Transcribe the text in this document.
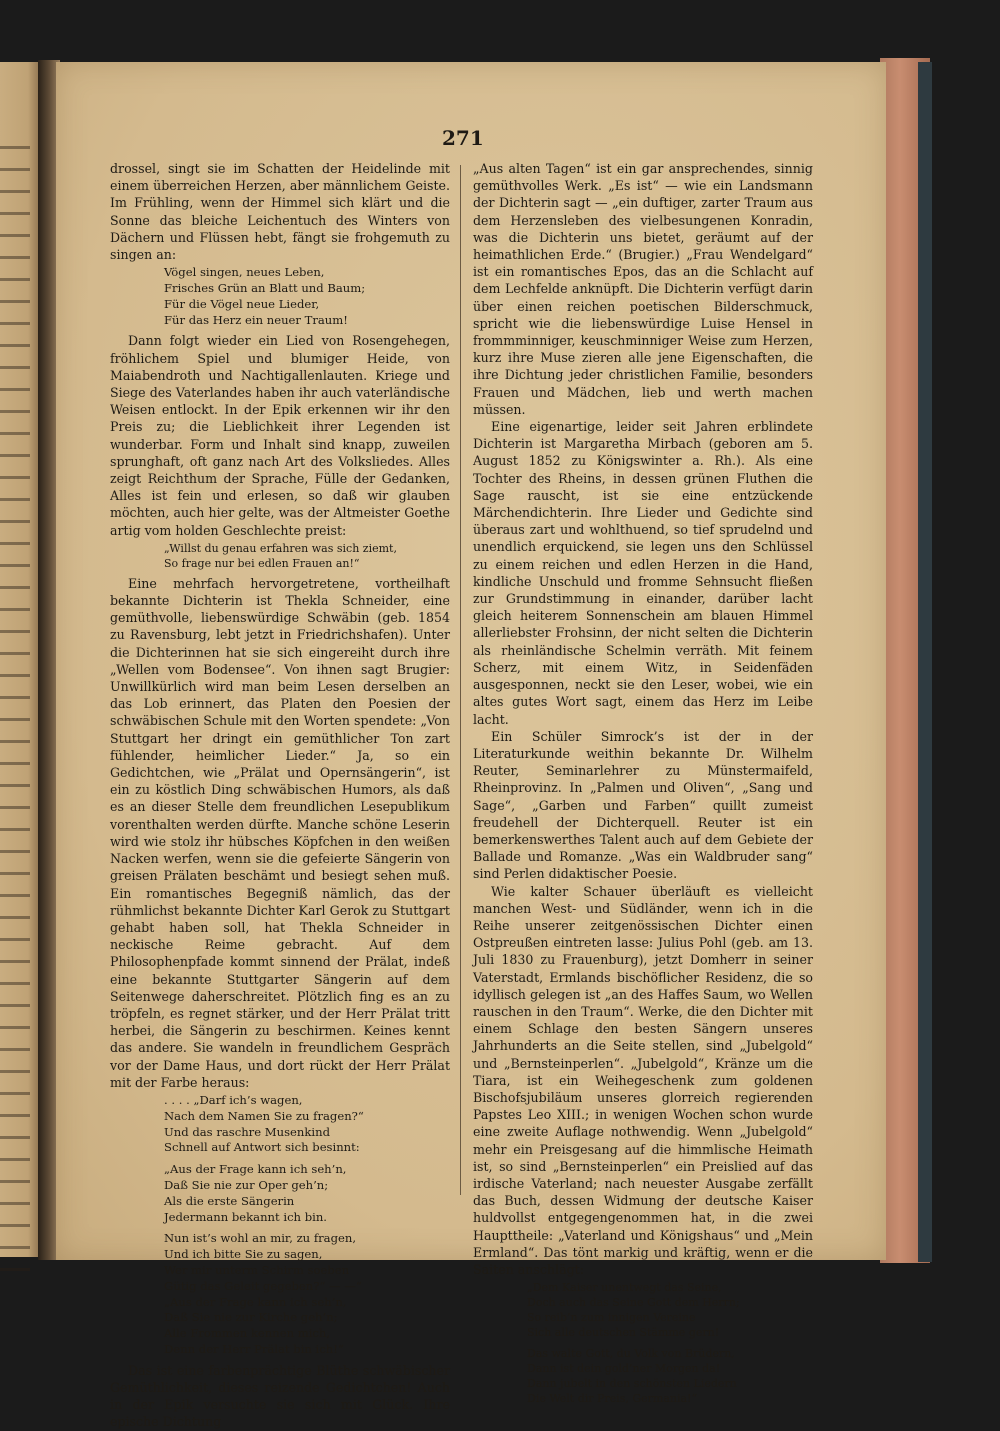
271

drossel, singt sie im Schatten der Heidelinde mit einem überreichen Herzen, aber männlichem Geiste. Im Frühling, wenn der Himmel sich klärt und die Sonne das bleiche Leichentuch des Winters von Dächern und Flüssen hebt, fängt sie frohgemuth zu singen an:

Vögel singen, neues Leben,
Frisches Grün an Blatt und Baum;
Für die Vögel neue Lieder,
Für das Herz ein neuer Traum!

Dann folgt wieder ein Lied von Rosengehegen, fröhlichem Spiel und blumiger Heide, von Maiabendroth und Nachtigallenlauten. Kriege und Siege des Vaterlandes haben ihr auch vaterländische Weisen entlockt. In der Epik erkennen wir ihr den Preis zu; die Lieblichkeit ihrer Legenden ist wunderbar. Form und Inhalt sind knapp, zuweilen sprunghaft, oft ganz nach Art des Volksliedes. Alles zeigt Reichthum der Sprache, Fülle der Gedanken, Alles ist fein und erlesen, so daß wir glauben möchten, auch hier gelte, was der Altmeister Goethe artig vom holden Geschlechte preist:

„Willst du genau erfahren was sich ziemt,
So frage nur bei edlen Frauen an!“

Eine mehrfach hervorgetretene, vortheilhaft bekannte Dichterin ist Thekla Schneider, eine gemüthvolle, liebenswürdige Schwäbin (geb. 1854 zu Ravensburg, lebt jetzt in Friedrichshafen). Unter die Dichterinnen hat sie sich eingereiht durch ihre „Wellen vom Bodensee“. Von ihnen sagt Brugier: Unwillkürlich wird man beim Lesen derselben an das Lob erinnert, das Platen den Poesien der schwäbischen Schule mit den Worten spendete: „Von Stuttgart her dringt ein gemüthlicher Ton zart fühlender, heimlicher Lieder.“ Ja, so ein Gedichtchen, wie „Prälat und Opernsängerin“, ist ein zu köstlich Ding schwäbischen Humors, als daß es an dieser Stelle dem freundlichen Lesepublikum vorenthalten werden dürfte. Manche schöne Leserin wird wie stolz ihr hübsches Köpfchen in den weißen Nacken werfen, wenn sie die gefeierte Sängerin von greisen Prälaten beschämt und besiegt sehen muß. Ein romantisches Begegniß nämlich, das der rühmlichst bekannte Dichter Karl Gerok zu Stuttgart gehabt haben soll, hat Thekla Schneider in neckische Reime gebracht. Auf dem Philosophenpfade kommt sinnend der Prälat, indeß eine bekannte Stuttgarter Sängerin auf dem Seitenwege daherschreitet. Plötzlich fing es an zu tröpfeln, es regnet stärker, und der Herr Prälat tritt herbei, die Sängerin zu beschirmen. Keines kennt das andere. Sie wandeln in freundlichem Gespräch vor der Dame Haus, und dort rückt der Herr Prälat mit der Farbe heraus:

. . . . „Darf ich’s wagen,
Nach dem Namen Sie zu fragen?“
Und das raschre Musenkind
Schnell auf Antwort sich besinnt:
„Aus der Frage kann ich seh’n,
Daß Sie nie zur Oper geh’n;
Als die erste Sängerin
Jedermann bekannt ich bin.
Nun ist’s wohl an mir, zu fragen,
Und ich bitte Sie zu sagen,
Wer mir unterm Schirm soeben
Gütig das Geleit gegeben?“ — —“
„Aus der Frage kann ich seh’n,
Daß Sie nie zur Kirche geh’n;
Alle Frommen kennen mich,
Denn der Herr Prälat bin ich!“

Das ist eine farbenprächtige Blüthe schwäbischer Gemüthlichkeit, dieses reizende Gedichtchen! Auch in der Epik versuchte sie sich mit Glück. Ihre epische Dichtung

„Aus alten Tagen“ ist ein gar ansprechendes, sinnig gemüthvolles Werk. „Es ist“ — wie ein Landsmann der Dichterin sagt — „ein duftiger, zarter Traum aus dem Herzensleben des vielbesungenen Konradin, was die Dichterin uns bietet, geräumt auf der heimathlichen Erde.“ (Brugier.) „Frau Wendelgard“ ist ein romantisches Epos, das an die Schlacht auf dem Lechfelde anknüpft. Die Dichterin verfügt darin über einen reichen poetischen Bilderschmuck, spricht wie die liebenswürdige Luise Hensel in frommminniger, keuschminniger Weise zum Herzen, kurz ihre Muse zieren alle jene Eigenschaften, die ihre Dichtung jeder christlichen Familie, besonders Frauen und Mädchen, lieb und werth machen müssen.

Eine eigenartige, leider seit Jahren erblindete Dichterin ist Margaretha Mirbach (geboren am 5. August 1852 zu Königswinter a. Rh.). Als eine Tochter des Rheins, in dessen grünen Fluthen die Sage rauscht, ist sie eine entzückende Märchendichterin. Ihre Lieder und Gedichte sind überaus zart und wohlthuend, so tief sprudelnd und unendlich erquickend, sie legen uns den Schlüssel zu einem reichen und edlen Herzen in die Hand, kindliche Unschuld und fromme Sehnsucht fließen zur Grundstimmung in einander, darüber lacht gleich heiterem Sonnenschein am blauen Himmel allerliebster Frohsinn, der nicht selten die Dichterin als rheinländische Schelmin verräth. Mit feinem Scherz, mit einem Witz, in Seidenfäden ausgesponnen, neckt sie den Leser, wobei, wie ein altes gutes Wort sagt, einem das Herz im Leibe lacht.

Ein Schüler Simrock’s ist der in der Literaturkunde weithin bekannte Dr. Wilhelm Reuter, Seminarlehrer zu Münstermaifeld, Rheinprovinz. In „Palmen und Oliven“, „Sang und Sage“, „Garben und Farben“ quillt zumeist freudehell der Dichterquell. Reuter ist ein bemerkenswerthes Talent auch auf dem Gebiete der Ballade und Romanze. „Was ein Waldbruder sang“ sind Perlen didaktischer Poesie.

Wie kalter Schauer überläuft es vielleicht manchen West- und Südländer, wenn ich in die Reihe unserer zeitgenössischen Dichter einen Ostpreußen eintreten lasse: Julius Pohl (geb. am 13. Juli 1830 zu Frauenburg), jetzt Domherr in seiner Vaterstadt, Ermlands bischöflicher Residenz, die so idyllisch gelegen ist „an des Haffes Saum, wo Wellen rauschen in den Traum“. Werke, die den Dichter mit einem Schlage den besten Sängern unseres Jahrhunderts an die Seite stellen, sind „Jubelgold“ und „Bernsteinperlen“. „Jubelgold“, Kränze um die Tiara, ist ein Weihegeschenk zum goldenen Bischofsjubiläum unseres glorreich regierenden Papstes Leo XIII.; in wenigen Wochen schon wurde eine zweite Auflage nothwendig. Wenn „Jubelgold“ mehr ein Preisgesang auf die himmlische Heimath ist, so sind „Bernsteinperlen“ ein Preislied auf das irdische Vaterland; nach neuester Ausgabe zerfällt das Buch, dessen Widmung der deutsche Kaiser huldvollst entgegengenommen hat, in die zwei Haupttheile: „Vaterland und Königshaus“ und „Mein Ermland“. Das tönt markig und kräftig, wenn er die Saiten anschlägt:

„Dem Kaiser unentwegt das Seine,
Doch auch das Seine Gott dem Herrn;
So reib’n zum innigen Vereine
Sich alle deutschen Stämme gern!
Das walte Gott, du Volk von Brüdern,
Dann ist dein gold’ner Morgen da!
Dann jubelt in den schönsten Liedern
Die Welt dir Preis, Germania!“
